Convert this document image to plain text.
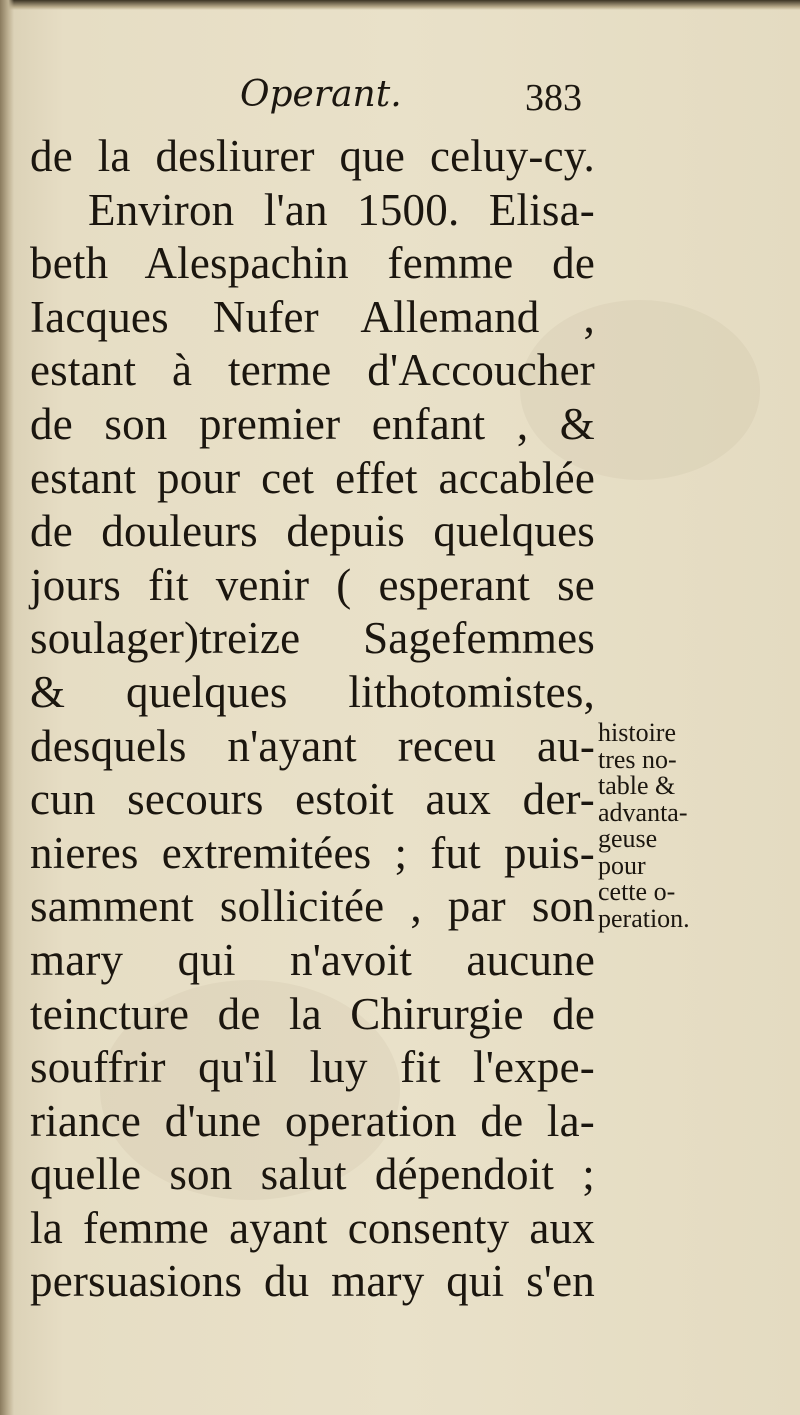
Operant.	383
de la desliurer que celuy-cy.
Environ l'an 1500. Elisa-
beth Alespachin femme de
Iacques Nufer Allemand ,
estant à terme d'Accoucher
de son premier enfant , &
estant pour cet effet accablée
de douleurs depuis quelques
jours fit venir ( esperant se
soulager)treize Sagefemmes
& quelques lithotomistes,
desquels n'ayant receu au-
cun secours estoit aux der-
nieres extremitées ; fut puis-
samment sollicitée , par son
mary qui n'avoit aucune
teincture de la Chirurgie de
souffrir qu'il luy fit l'expe-
riance d'une operation de la-
quelle son salut dépendoit ;
la femme ayant consenty aux
persuasions du mary qui s'en
histoire
tres no-
table &
advanta-
geuse
pour
cette o-
peration.
